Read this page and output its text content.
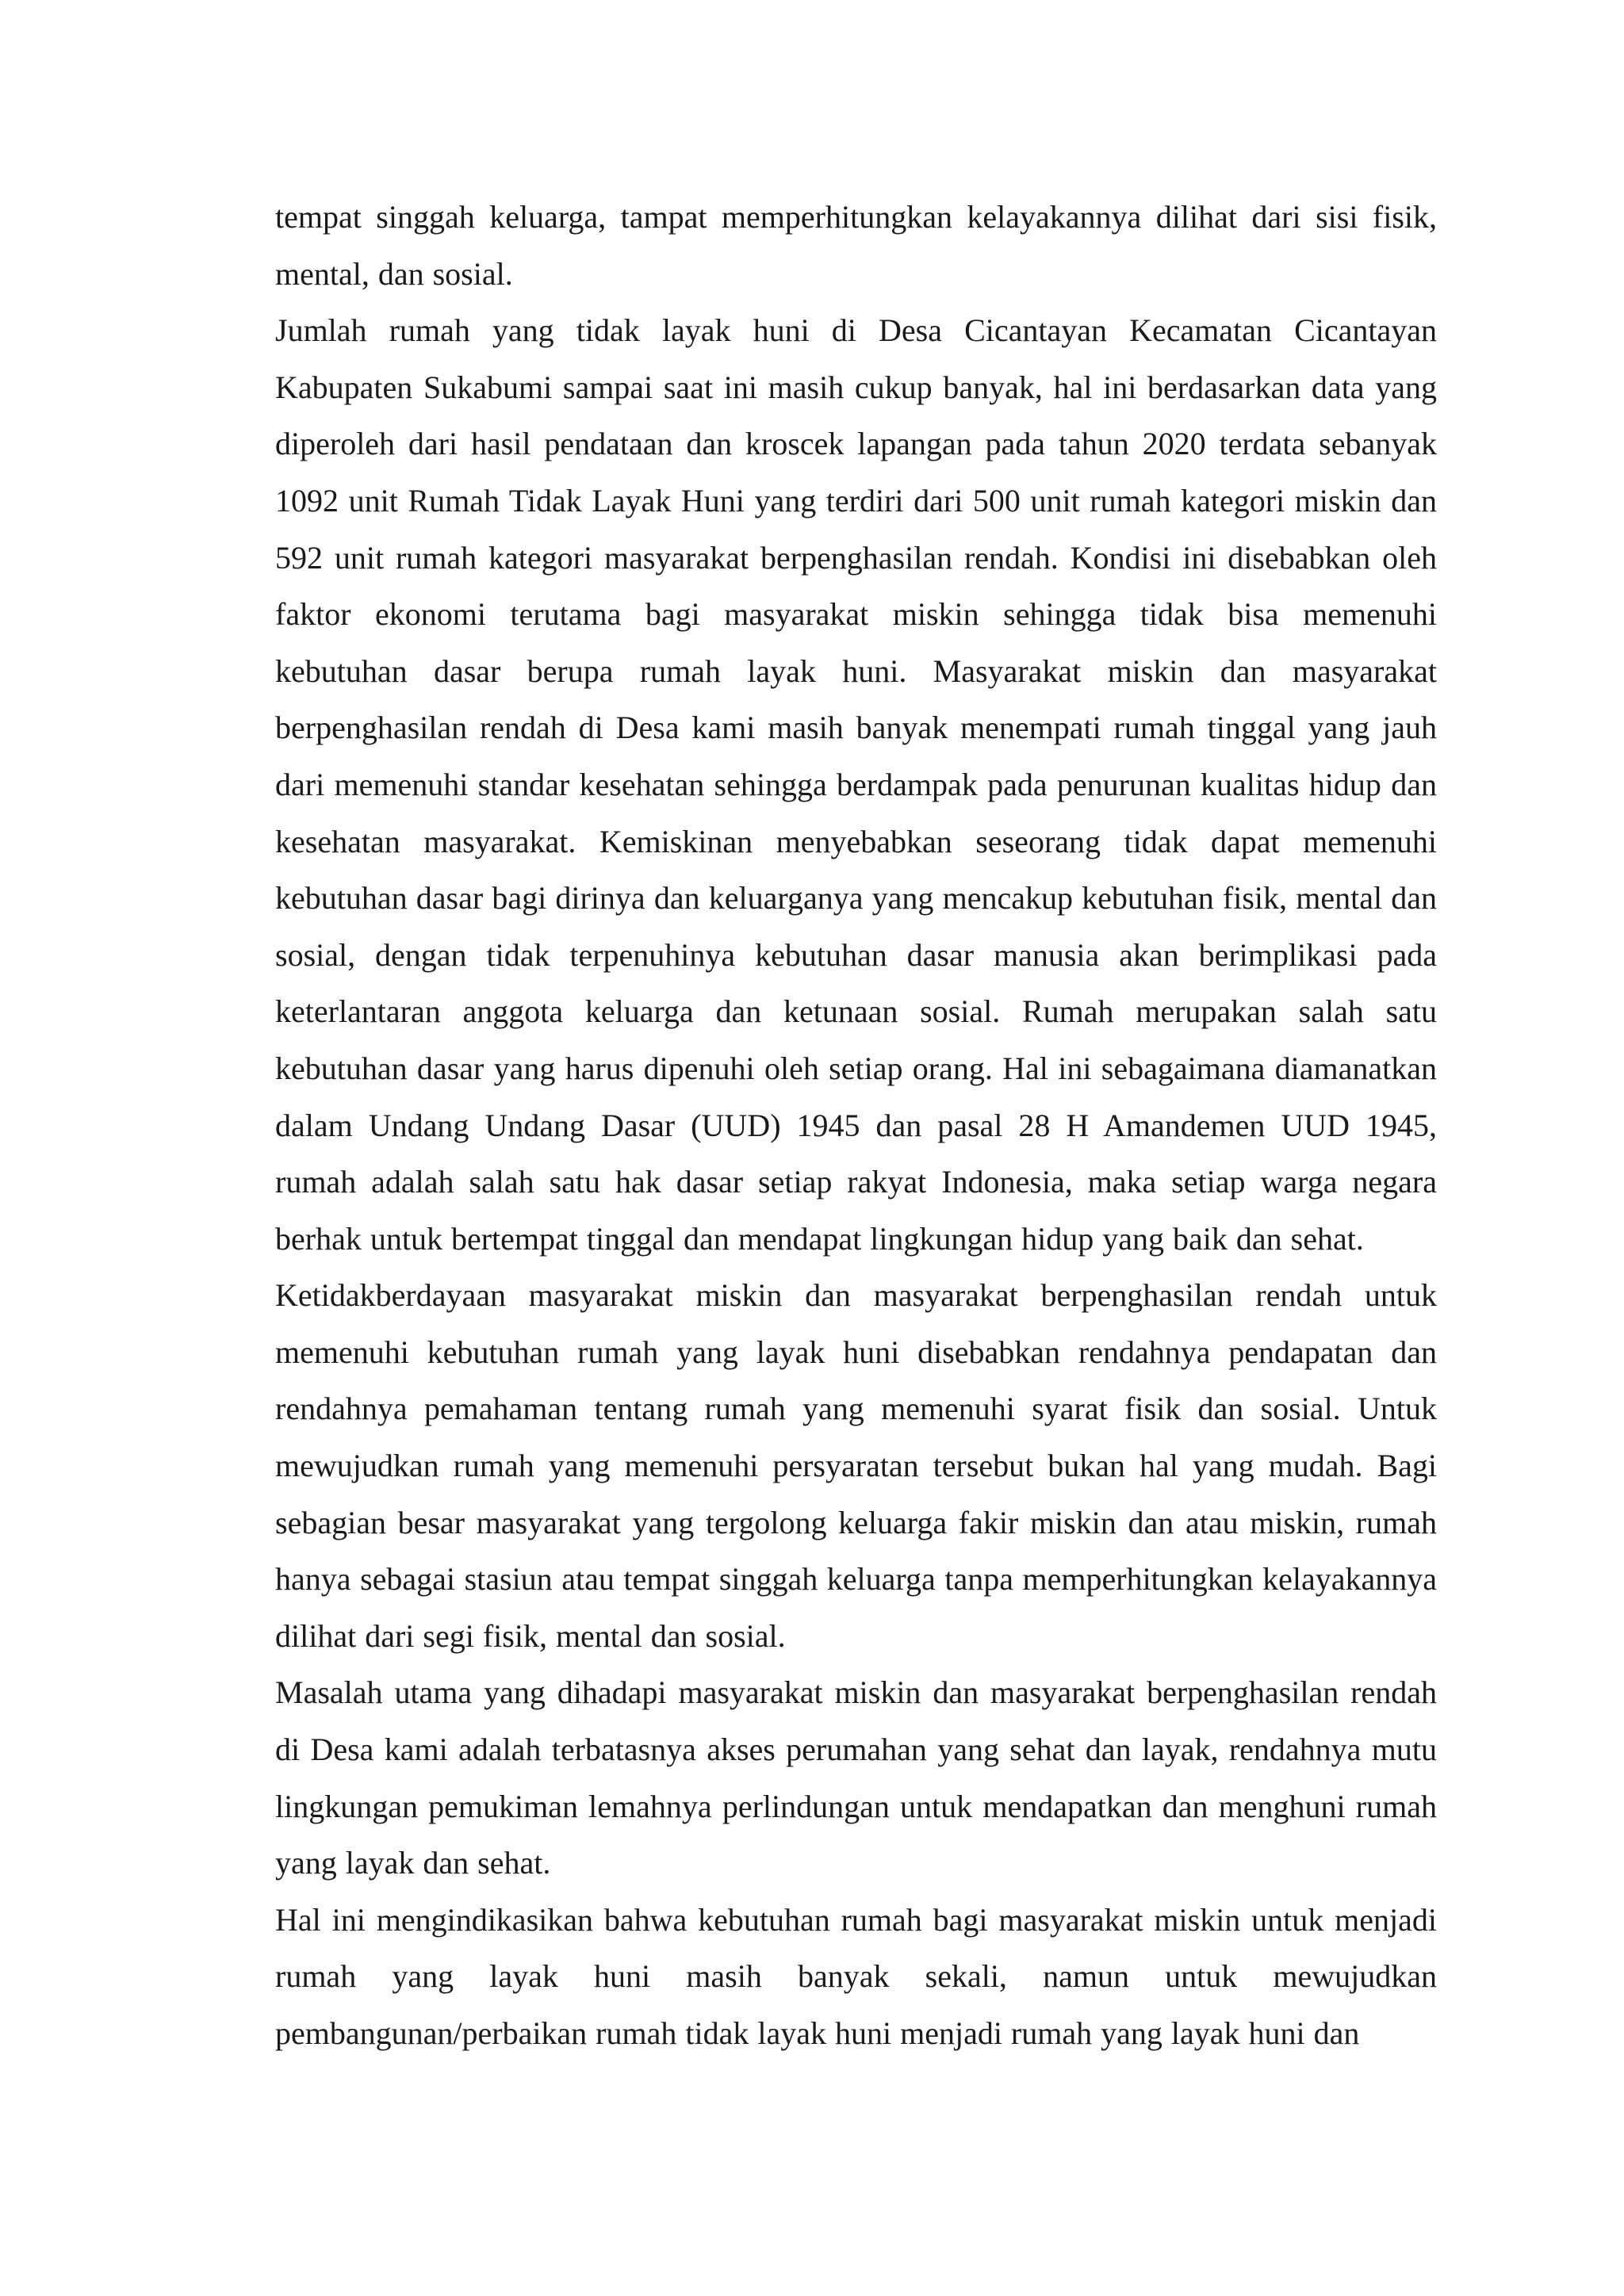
tempat singgah keluarga, tampat memperhitungkan kelayakannya dilihat dari sisi fisik, mental, dan sosial.

Jumlah rumah yang tidak layak huni di Desa Cicantayan Kecamatan Cicantayan Kabupaten Sukabumi sampai saat ini masih cukup banyak, hal ini berdasarkan data yang diperoleh dari hasil pendataan dan kroscek lapangan pada tahun 2020 terdata sebanyak 1092 unit Rumah Tidak Layak Huni yang terdiri dari 500 unit rumah kategori miskin dan 592 unit rumah kategori masyarakat berpenghasilan rendah. Kondisi ini disebabkan oleh faktor ekonomi terutama bagi masyarakat miskin sehingga tidak bisa memenuhi kebutuhan dasar berupa rumah layak huni. Masyarakat miskin dan masyarakat berpenghasilan rendah di Desa kami masih banyak menempati rumah tinggal yang jauh dari memenuhi standar kesehatan sehingga berdampak pada penurunan kualitas hidup dan kesehatan masyarakat. Kemiskinan menyebabkan seseorang tidak dapat memenuhi kebutuhan dasar bagi dirinya dan keluarganya yang mencakup kebutuhan fisik, mental dan sosial, dengan tidak terpenuhinya kebutuhan dasar manusia akan berimplikasi pada keterlantaran anggota keluarga dan ketunaan sosial. Rumah merupakan salah satu kebutuhan dasar yang harus dipenuhi oleh setiap orang. Hal ini sebagaimana diamanatkan dalam Undang Undang Dasar (UUD) 1945 dan pasal 28 H Amandemen UUD 1945, rumah adalah salah satu hak dasar setiap rakyat Indonesia, maka setiap warga negara berhak untuk bertempat tinggal dan mendapat lingkungan hidup yang baik dan sehat.

Ketidakberdayaan masyarakat miskin dan masyarakat berpenghasilan rendah untuk memenuhi kebutuhan rumah yang layak huni disebabkan rendahnya pendapatan dan rendahnya pemahaman tentang rumah yang memenuhi syarat fisik dan sosial. Untuk mewujudkan rumah yang memenuhi persyaratan tersebut bukan hal yang mudah. Bagi sebagian besar masyarakat yang tergolong keluarga fakir miskin dan atau miskin, rumah hanya sebagai stasiun atau tempat singgah keluarga tanpa memperhitungkan kelayakannya dilihat dari segi fisik, mental dan sosial.

Masalah utama yang dihadapi masyarakat miskin dan masyarakat berpenghasilan rendah di Desa kami adalah terbatasnya akses perumahan yang sehat dan layak, rendahnya mutu lingkungan pemukiman lemahnya perlindungan untuk mendapatkan dan menghuni rumah yang layak dan sehat.

Hal ini mengindikasikan bahwa kebutuhan rumah bagi masyarakat miskin untuk menjadi rumah yang layak huni masih banyak sekali, namun untuk mewujudkan pembangunan/perbaikan rumah tidak layak huni menjadi rumah yang layak huni dan
